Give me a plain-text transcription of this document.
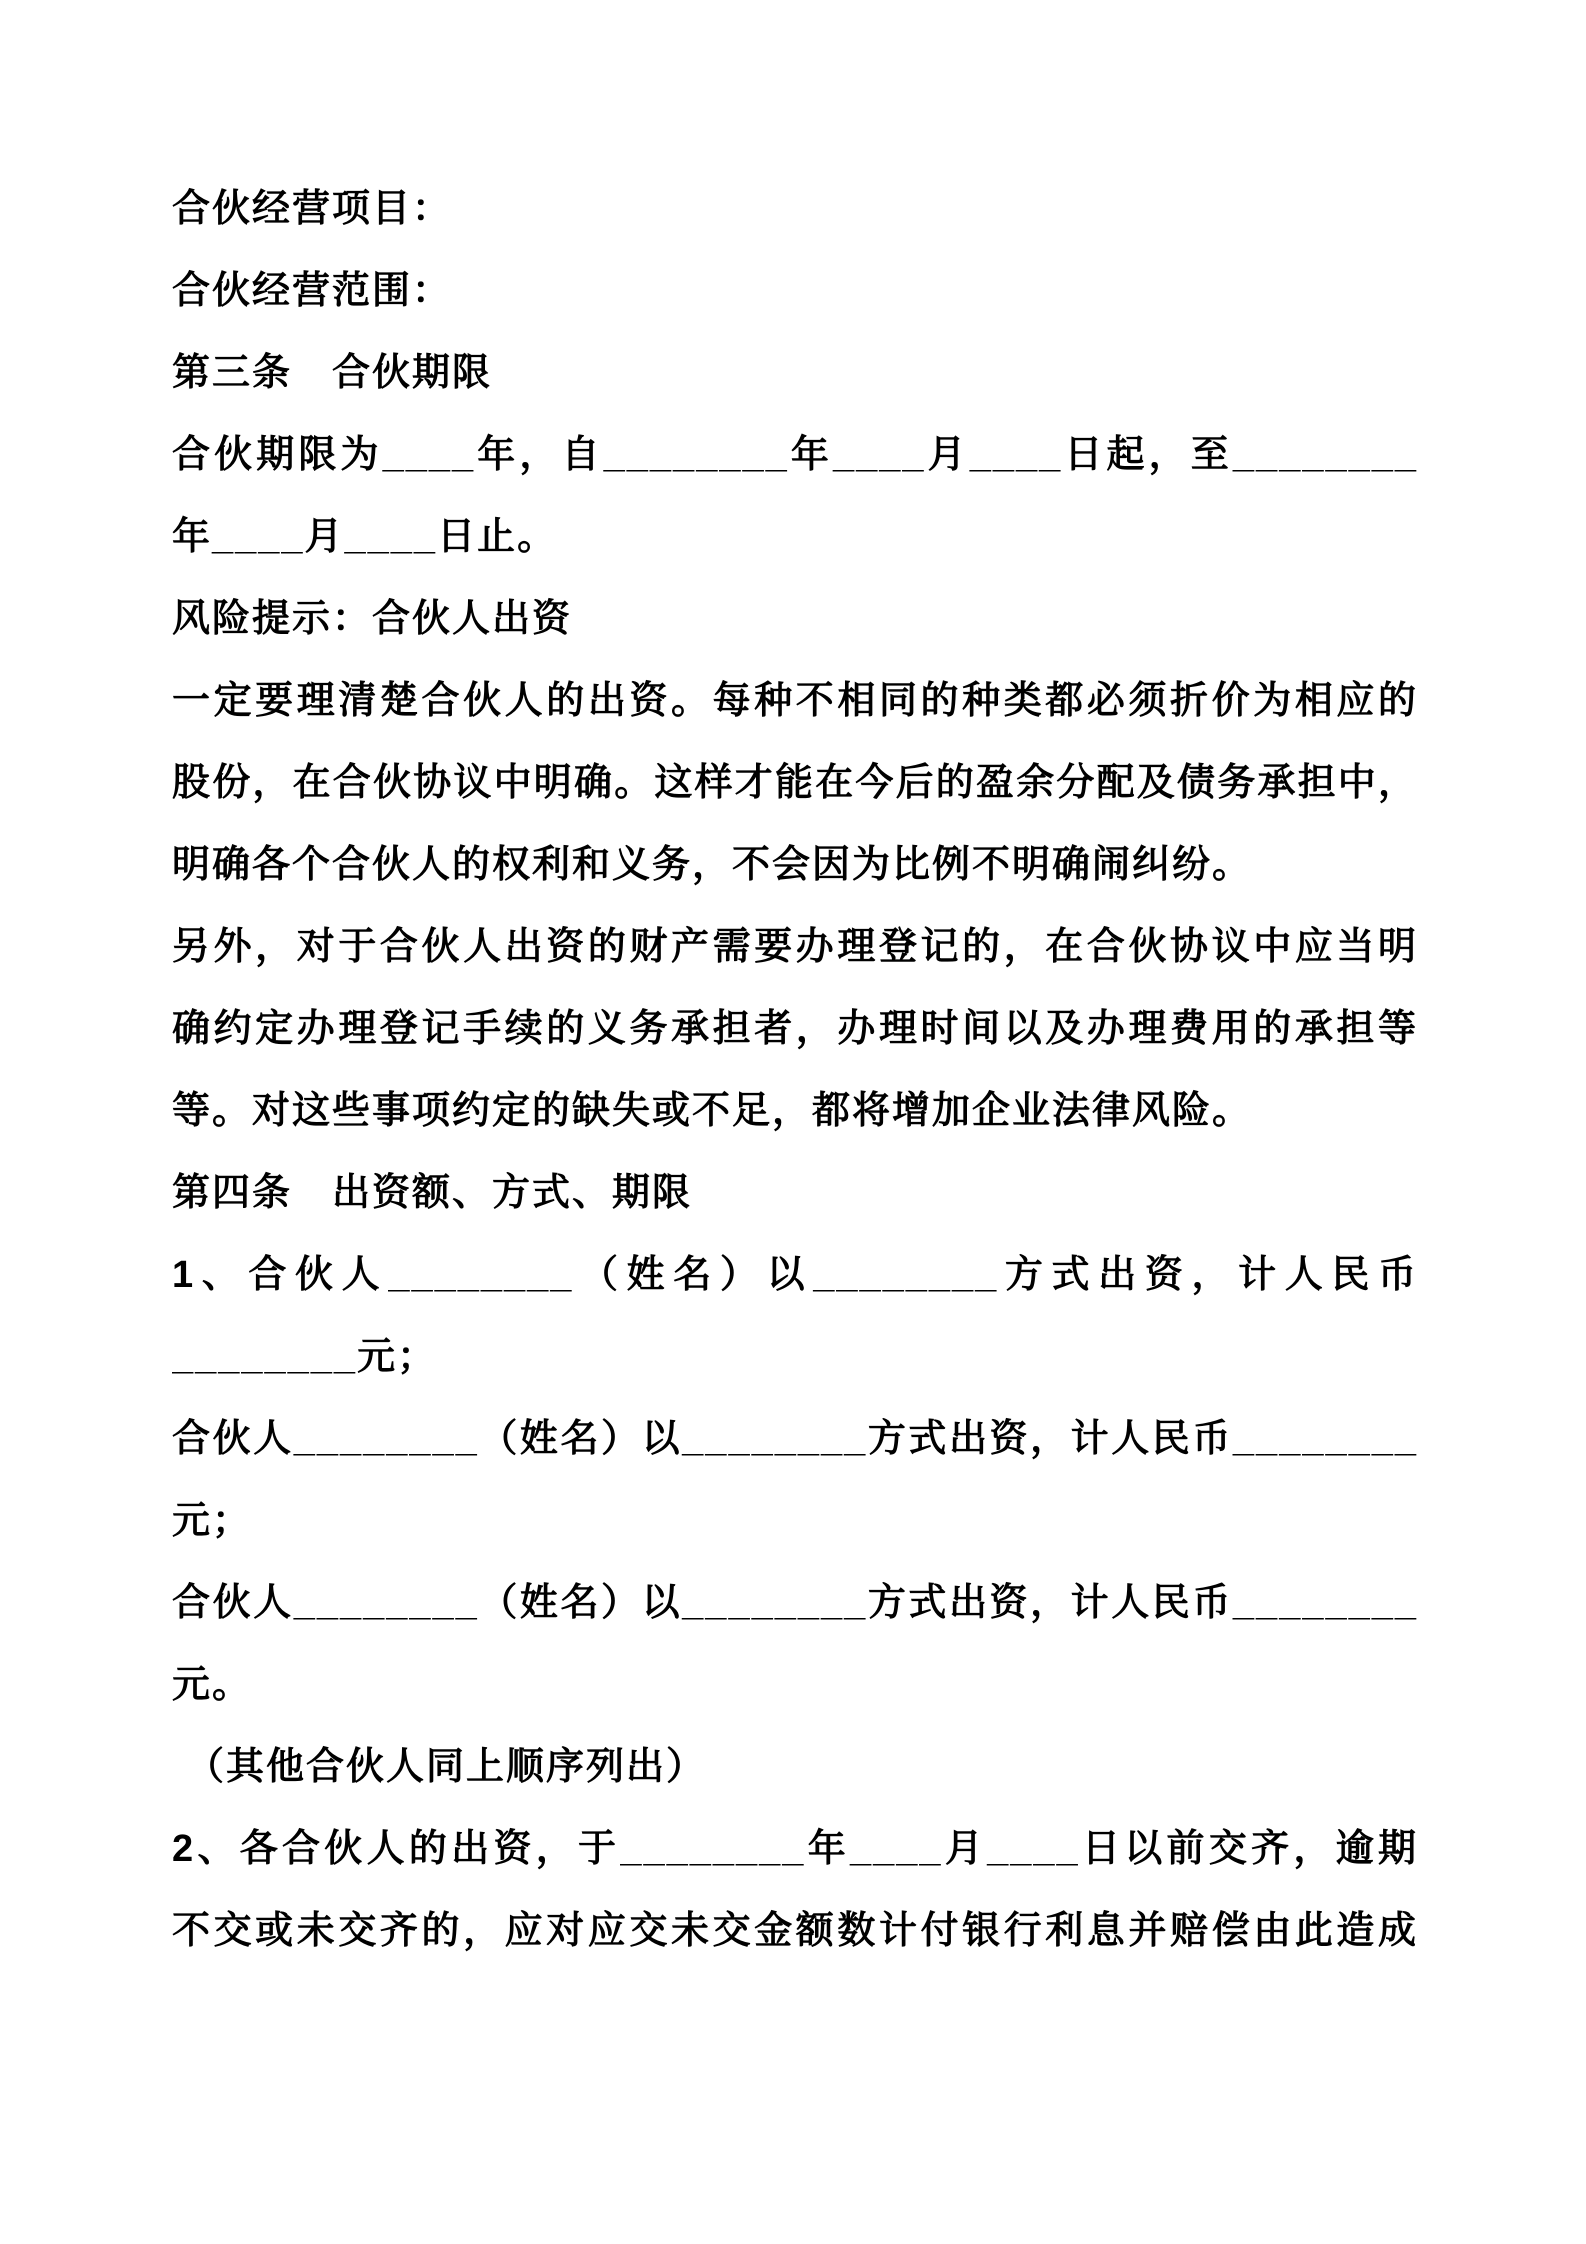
合伙经营项目：
合伙经营范围：
第三条　合伙期限
合伙期限为____年，自________年____月____日起，至________
年____月____日止。
风险提示：合伙人出资
一定要理清楚合伙人的出资。每种不相同的种类都必须折价为相应的
股份，在合伙协议中明确。这样才能在今后的盈余分配及债务承担中，
明确各个合伙人的权利和义务，不会因为比例不明确闹纠纷。
另外，对于合伙人出资的财产需要办理登记的，在合伙协议中应当明
确约定办理登记手续的义务承担者，办理时间以及办理费用的承担等
等。对这些事项约定的缺失或不足，都将增加企业法律风险。
第四条　出资额、方式、期限
1、合伙人________（姓名）以________方式出资，计人民币
________元；
合伙人________（姓名）以________方式出资，计人民币________
元；
合伙人________（姓名）以________方式出资，计人民币________
元。
（其他合伙人同上顺序列出）
2、各合伙人的出资，于________年____月____日以前交齐，逾期
不交或未交齐的，应对应交未交金额数计付银行利息并赔偿由此造成
